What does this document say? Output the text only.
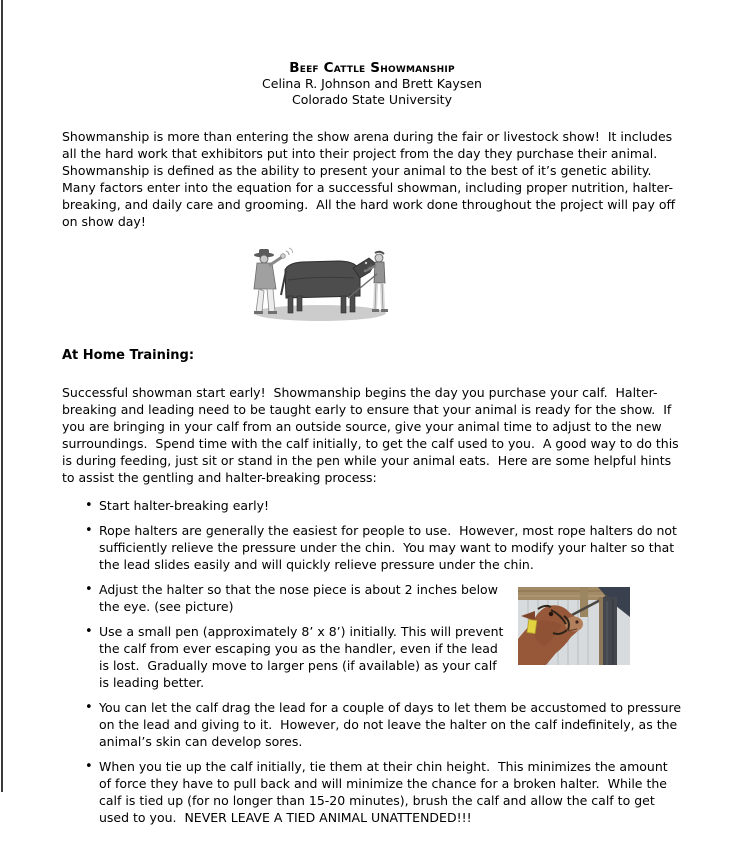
Beef Cattle Showmanship
Celina R. Johnson and Brett Kaysen
Colorado State University

Showmanship is more than entering the show arena during the fair or livestock show!  It includes all the hard work that exhibitors put into their project from the day they purchase their animal.  Showmanship is defined as the ability to present your animal to the best of it’s genetic ability.  Many factors enter into the equation for a successful showman, including proper nutrition, halter-breaking, and daily care and grooming.  All the hard work done throughout the project will pay off on show day!

At Home Training:

Successful showman start early!  Showmanship begins the day you purchase your calf.  Halter-breaking and leading need to be taught early to ensure that your animal is ready for the show.  If you are bringing in your calf from an outside source, give your animal time to adjust to the new surroundings.  Spend time with the calf initially, to get the calf used to you.  A good way to do this is during feeding, just sit or stand in the pen while your animal eats.  Here are some helpful hints to assist the gentling and halter-breaking process:

• Start halter-breaking early!
• Rope halters are generally the easiest for people to use.  However, most rope halters do not sufficiently relieve the pressure under the chin.  You may want to modify your halter so that the lead slides easily and will quickly relieve pressure under the chin.
• Adjust the halter so that the nose piece is about 2 inches below the eye. (see picture)
• Use a small pen (approximately 8’ x 8’) initially. This will prevent the calf from ever escaping you as the handler, even if the lead is lost.  Gradually move to larger pens (if available) as your calf is leading better.
• You can let the calf drag the lead for a couple of days to let them be accustomed to pressure on the lead and giving to it.  However, do not leave the halter on the calf indefinitely, as the animal’s skin can develop sores.
• When you tie up the calf initially, tie them at their chin height.  This minimizes the amount of force they have to pull back and will minimize the chance for a broken halter.  While the calf is tied up (for no longer than 15-20 minutes), brush the calf and allow the calf to get used to you.  NEVER LEAVE A TIED ANIMAL UNATTENDED!!!
